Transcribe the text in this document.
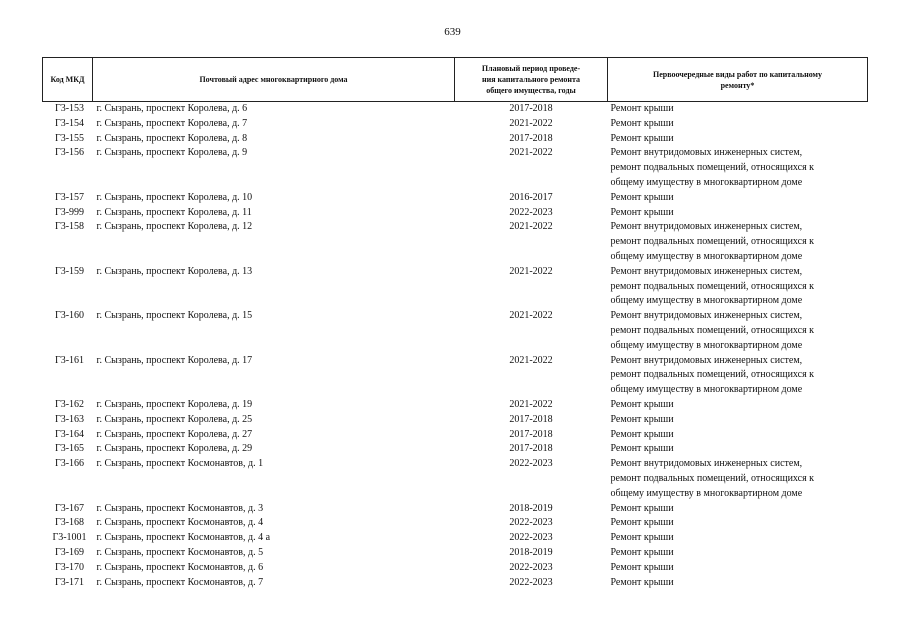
639
Код МКД	Почтовый адрес многоквартирного дома	Плановый период проведе-
ния капитального ремонта
общего имущества, годы	Первоочередные виды работ по капитальному
ремонту*
Г3-153	г. Сызрань, проспект Королева, д. 6	2017-2018	Ремонт крыши
Г3-154	г. Сызрань, проспект Королева, д. 7	2021-2022	Ремонт крыши
Г3-155	г. Сызрань, проспект Королева, д. 8	2017-2018	Ремонт крыши
Г3-156	г. Сызрань, проспект Королева, д. 9	2021-2022	Ремонт внутридомовых инженерных систем,
ремонт подвальных помещений, относящихся к
общему имуществу в многоквартирном доме
Г3-157	г. Сызрань, проспект Королева, д. 10	2016-2017	Ремонт крыши
Г3-999	г. Сызрань, проспект Королева, д. 11	2022-2023	Ремонт крыши
Г3-158	г. Сызрань, проспект Королева, д. 12	2021-2022	Ремонт внутридомовых инженерных систем,
ремонт подвальных помещений, относящихся к
общему имуществу в многоквартирном доме
Г3-159	г. Сызрань, проспект Королева, д. 13	2021-2022	Ремонт внутридомовых инженерных систем,
ремонт подвальных помещений, относящихся к
общему имуществу в многоквартирном доме
Г3-160	г. Сызрань, проспект Королева, д. 15	2021-2022	Ремонт внутридомовых инженерных систем,
ремонт подвальных помещений, относящихся к
общему имуществу в многоквартирном доме
Г3-161	г. Сызрань, проспект Королева, д. 17	2021-2022	Ремонт внутридомовых инженерных систем,
ремонт подвальных помещений, относящихся к
общему имуществу в многоквартирном доме
Г3-162	г. Сызрань, проспект Королева, д. 19	2021-2022	Ремонт крыши
Г3-163	г. Сызрань, проспект Королева, д. 25	2017-2018	Ремонт крыши
Г3-164	г. Сызрань, проспект Королева, д. 27	2017-2018	Ремонт крыши
Г3-165	г. Сызрань, проспект Королева, д. 29	2017-2018	Ремонт крыши
Г3-166	г. Сызрань, проспект Космонавтов, д. 1	2022-2023	Ремонт внутридомовых инженерных систем,
ремонт подвальных помещений, относящихся к
общему имуществу в многоквартирном доме
Г3-167	г. Сызрань, проспект Космонавтов, д. 3	2018-2019	Ремонт крыши
Г3-168	г. Сызрань, проспект Космонавтов, д. 4	2022-2023	Ремонт крыши
Г3-1001	г. Сызрань, проспект Космонавтов, д. 4 а	2022-2023	Ремонт крыши
Г3-169	г. Сызрань, проспект Космонавтов, д. 5	2018-2019	Ремонт крыши
Г3-170	г. Сызрань, проспект Космонавтов, д. 6	2022-2023	Ремонт крыши
Г3-171	г. Сызрань, проспект Космонавтов, д. 7	2022-2023	Ремонт крыши
